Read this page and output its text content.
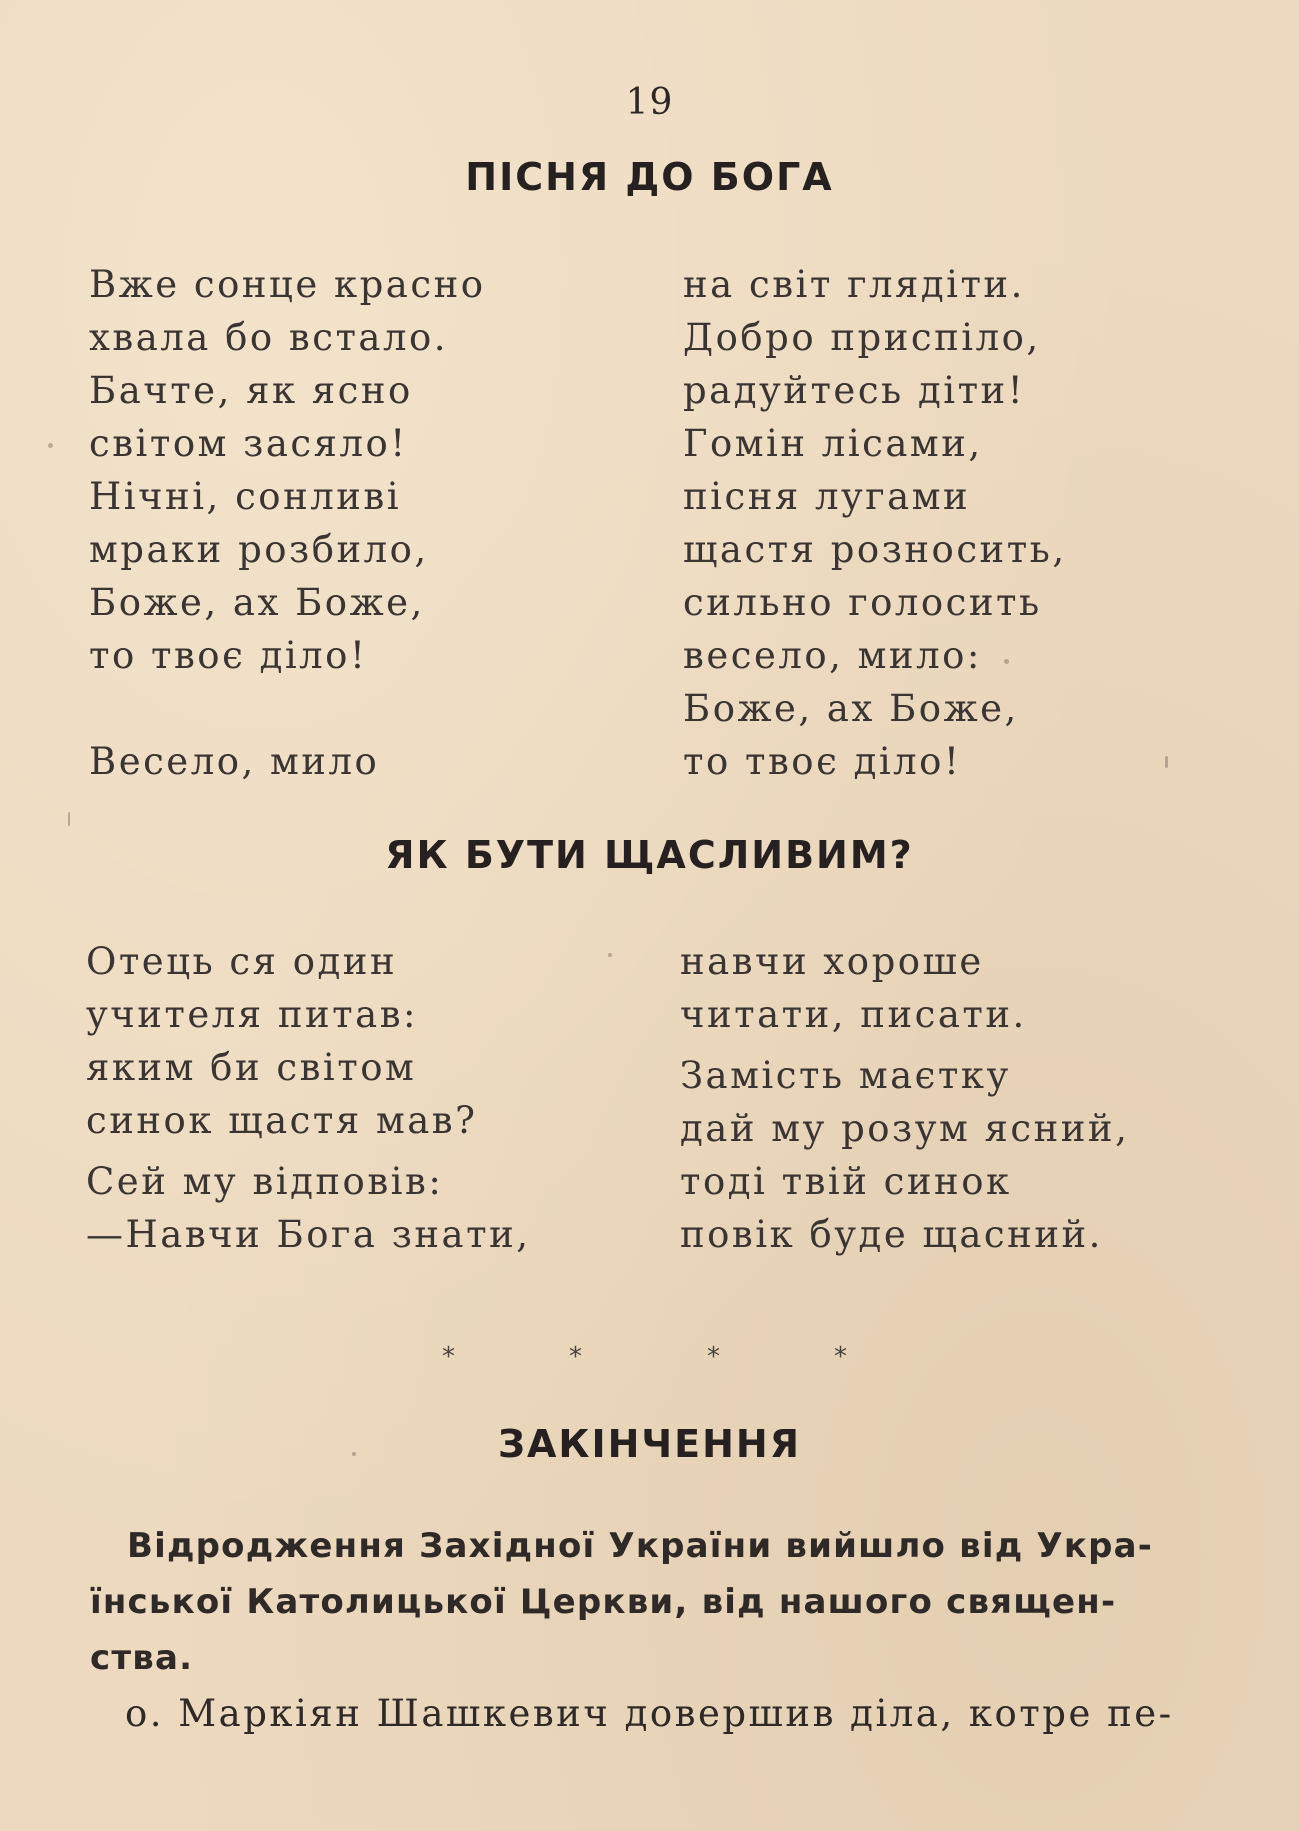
19
ПІСНЯ ДО БОГА
Вже сонце красно
хвала бо встало.
Бачте, як ясно
світом засяло!
Нічні, сонливі
мраки розбило,
Боже, ах Боже,
то твоє діло!
Весело, мило
на світ глядіти.
Добро приспіло,
радуйтесь діти!
Гомін лісами,
пісня лугами
щастя розносить,
сильно голосить
весело, мило:
Боже, ах Боже,
то твоє діло!
ЯК БУТИ ЩАСЛИВИМ?
Отець ся один
учителя питав:
яким би світом
синок щастя мав?
Сей му відповів:
—Навчи Бога знати,
навчи хороше
читати, писати.
Замість маєтку
дай му розум ясний,
тоді твій синок
повік буде щасний.
*	*	*	*
ЗАКІНЧЕННЯ
Відродження Західної України вийшло від Укра-
їнської Католицької Церкви, від нашого священ-
ства.
о. Маркіян Шашкевич довершив діла, котре пе-
